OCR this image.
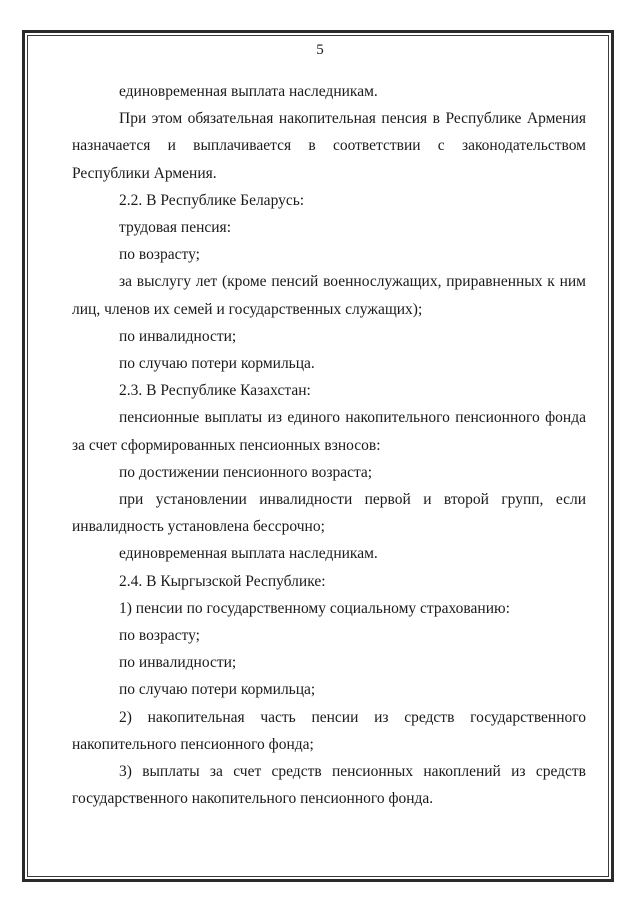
5

единовременная выплата наследникам.

При этом обязательная накопительная пенсия в Республике Армения назначается и выплачивается в соответствии с законодательством Республики Армения.

2.2. В Республике Беларусь:

трудовая пенсия:

по возрасту;

за выслугу лет (кроме пенсий военнослужащих, приравненных к ним лиц, членов их семей и государственных служащих);

по инвалидности;

по случаю потери кормильца.

2.3. В Республике Казахстан:

пенсионные выплаты из единого накопительного пенсионного фонда за счет сформированных пенсионных взносов:

по достижении пенсионного возраста;

при установлении инвалидности первой и второй групп, если инвалидность установлена бессрочно;

единовременная выплата наследникам.

2.4. В Кыргызской Республике:

1) пенсии по государственному социальному страхованию:

по возрасту;

по инвалидности;

по случаю потери кормильца;

2) накопительная часть пенсии из средств государственного накопительного пенсионного фонда;

3) выплаты за счет средств пенсионных накоплений из средств государственного накопительного пенсионного фонда.
